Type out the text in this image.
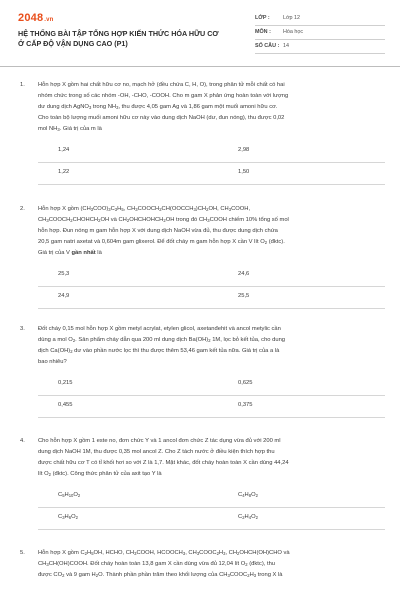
2048.vn
HỆ THỐNG BÀI TẬP TỔNG HỢP KIẾN THỨC HÓA HỮU CƠ
Ở CẤP ĐỘ VẬN DỤNG CAO (P1)
LỚP : Lớp 12
MÔN : Hóa học
SỐ CÂU : 14
1. Hỗn hợp X gồm hai chất hữu cơ no, mạch hở (đều chứa C, H, O), trong phân tử mỗi chất có hai
nhóm chức trong số các nhóm -OH, -CHO, -COOH. Cho m gam X phản ứng hoàn toàn với lượng
dư dung dịch AgNO$_3$ trong $NH_3$, thu được 4,05 gam Ag và 1,86 gam một muối amoni hữu cơ.
Cho toàn bộ lượng muối amoni hữu cơ này vào dung dịch NaOH (dư, đun nóng), thu được 0,02
mol $NH_3$. Giá trị của m là
1,24	2,98
1,22	1,50
2. Hỗn hợp X gồm $(CH_3COO)_3C_3H_5$, $CH_3COOCH_2CH(OOCCH_3)CH_2OH$, $CH_3COOH$,
$CH_3COOCH_2CHOHCH_2OH$ và $CH_2OHCHOHCH_2OH$ trong đó $CH_3COOH$ chiếm 10% tổng số mol
hỗn hợp. Đun nóng m gam hỗn hợp X với dung dịch NaOH vừa đủ, thu được dung dịch chứa
20,5 gam natri axetat và 0,604m gam glixerol. Để đốt cháy m gam hỗn hợp X cần V lít $O_2$ (đktc).
Giá trị của V gần nhất là
25,3	24,6
24,9	25,5
3. Đốt cháy 0,15 mol hỗn hợp X gồm metyl acrylat, etylen glicol, axetanđehit và ancol metylic cần
dùng a mol $O_2$. Sản phẩm cháy dẫn qua 200 ml dung dịch $Ba(OH)_2$ 1M, lọc bỏ kết tủa, cho dung
dịch $Ca(OH)_2$ dư vào phần nước lọc thì thu được thêm 53,46 gam kết tủa nữa. Giá trị của a là
bao nhiêu?
0,215	0,625
0,455	0,375
4. Cho hỗn hợp X gồm 1 este no, đơn chức Y và 1 ancol đơn chức Z tác dụng vừa đủ với 200 ml
dung dịch NaOH 1M, thu được 0,35 mol ancol Z. Cho Z tách nước ở điều kiện thích hợp thu
được chất hữu cơ T có tỉ khối hơi so với Z là 1,7. Mặt khác, đốt cháy hoàn toàn X cần dùng 44,24
lít $O_2$ (đktc). Công thức phân tử của axit tạo Y là
$C_5H_{10}O_2$	$C_4H_8O_2$
$C_3H_6O_2$	$C_2H_4O_2$
5. Hỗn hợp X gồm $C_2H_5OH$, HCHO, $CH_3COOH$, $HCOOCH_3$, $CH_3COOC_2H_3$, $CH_2OHCH(OH)CHO$ và
$CH_3CH(OH)COOH$. Đốt cháy hoàn toàn 13,8 gam X cần dùng vừa đủ 12,04 lít $O_2$ (đktc), thu
được $CO_2$ và 9 gam $H_2O$. Thành phần phần trăm theo khối lượng của $CH_3COOC_2H_3$ trong X là
